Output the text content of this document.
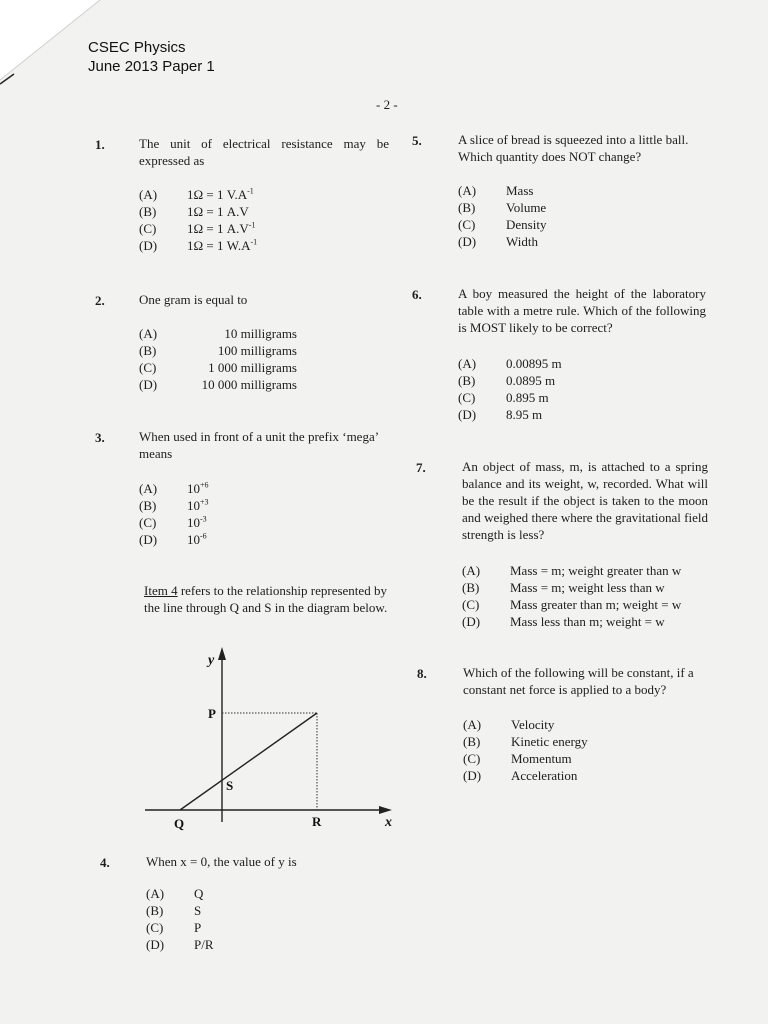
CSEC Physics
June 2013 Paper 1
- 2 -
1.	The unit of electrical resistance may be expressed as
(A)	1Ω = 1 $V.A^{-1}$
(B)	1Ω = 1 A.V
(C)	1Ω = 1 $A.V^{-1}$
(D)	1Ω = 1 $W.A^{-1}$
2.	One gram is equal to
(A)	10 milligrams
(B)	100 milligrams
(C)	1 000 milligrams
(D)	10 000 milligrams
3.	When used in front of a unit the prefix ‘mega’ means
(A)	$10^{+6}$
(B)	$10^{+3}$
(C)	$10^{-3}$
(D)	$10^{-6}$
Item 4 refers to the relationship represented by the line through Q and S in the diagram below.
y
P
S
Q	R	x
4.	When x = 0, the value of y is
(A)	Q
(B)	S
(C)	P
(D)	P/R
5.	A slice of bread is squeezed into a little ball. Which quantity does NOT change?
(A)	Mass
(B)	Volume
(C)	Density
(D)	Width
6.	A boy measured the height of the laboratory table with a metre rule. Which of the following is MOST likely to be correct?
(A)	0.00895 m
(B)	0.0895 m
(C)	0.895 m
(D)	8.95 m
7.	An object of mass, m, is attached to a spring balance and its weight, w, recorded. What will be the result if the object is taken to the moon and weighed there where the gravitational field strength is less?
(A)	Mass = m; weight greater than w
(B)	Mass = m; weight less than w
(C)	Mass greater than m; weight = w
(D)	Mass less than m; weight = w
8.	Which of the following will be constant, if a constant net force is applied to a body?
(A)	Velocity
(B)	Kinetic energy
(C)	Momentum
(D)	Acceleration
